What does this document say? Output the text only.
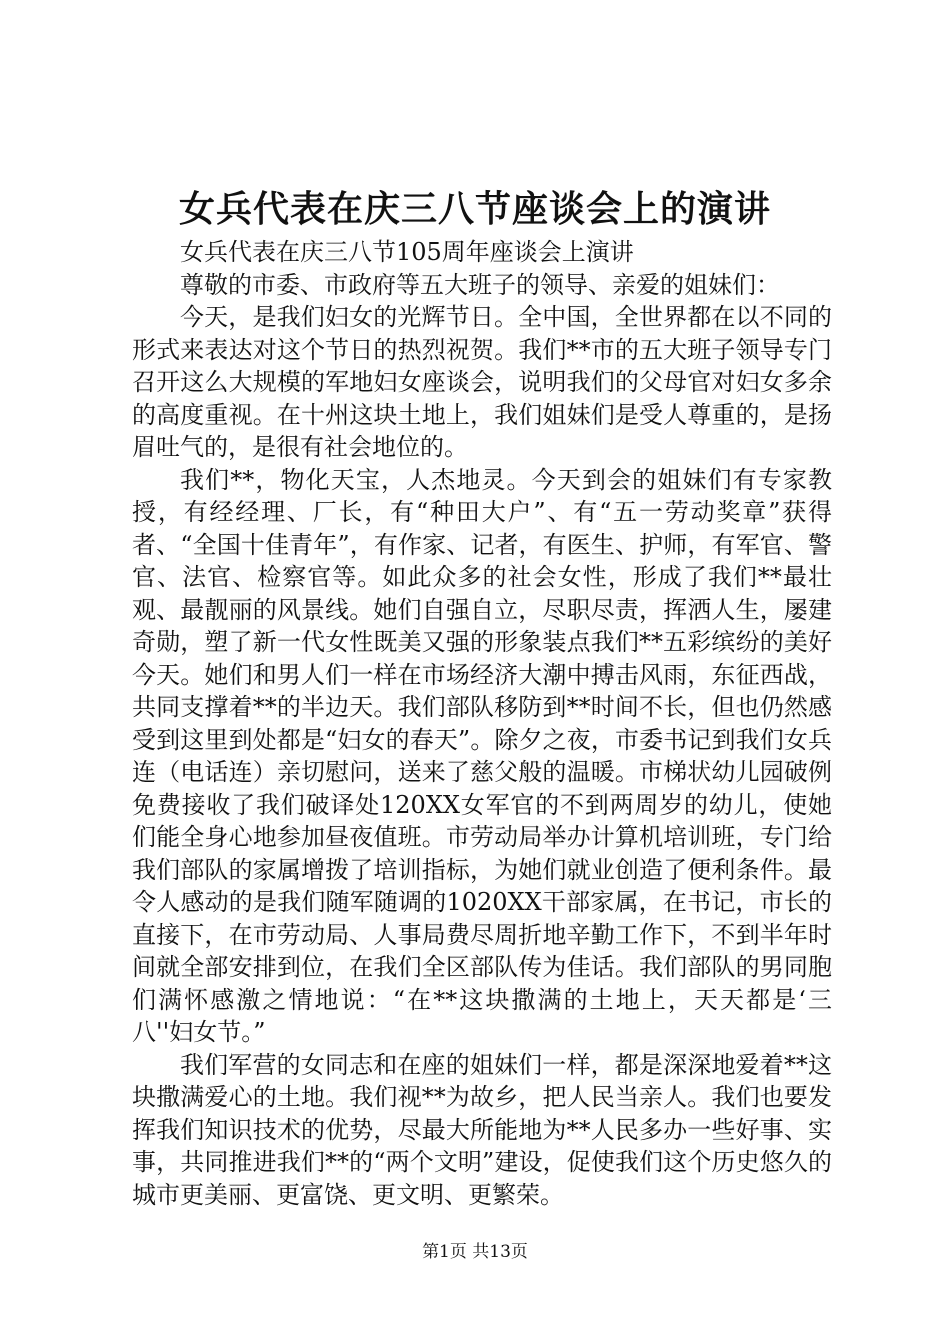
女兵代表在庆三八节座谈会上的演讲

女兵代表在庆三八节105周年座谈会上演讲

尊敬的市委、市政府等五大班子的领导、亲爱的姐妹们：

今天，是我们妇女的光辉节日。全中国，全世界都在以不同的形式来表达对这个节日的热烈祝贺。我们**市的五大班子领导专门召开这么大规模的军地妇女座谈会，说明我们的父母官对妇女多余的高度重视。在十州这块土地上，我们姐妹们是受人尊重的，是扬眉吐气的，是很有社会地位的。

我们**，物化天宝，人杰地灵。今天到会的姐妹们有专家教授，有经经理、厂长，有“种田大户”、有“五一劳动奖章”获得者、“全国十佳青年”，有作家、记者，有医生、护师，有军官、警官、法官、检察官等。如此众多的社会女性，形成了我们**最壮观、最靓丽的风景线。她们自强自立，尽职尽责，挥洒人生，屡建奇勋，塑了新一代女性既美又强的形象装点我们**五彩缤纷的美好今天。她们和男人们一样在市场经济大潮中搏击风雨，东征西战，共同支撑着**的半边天。我们部队移防到**时间不长，但也仍然感受到这里到处都是“妇女的春天”。除夕之夜，市委书记到我们女兵连（电话连）亲切慰问，送来了慈父般的温暖。市梯状幼儿园破例免费接收了我们破译处120XX女军官的不到两周岁的幼儿，使她们能全身心地参加昼夜值班。市劳动局举办计算机培训班，专门给我们部队的家属增拨了培训指标，为她们就业创造了便利条件。最令人感动的是我们随军随调的1020XX干部家属，在书记，市长的直接下，在市劳动局、人事局费尽周折地辛勤工作下，不到半年时间就全部安排到位，在我们全区部队传为佳话。我们部队的男同胞们满怀感激之情地说：“在**这块撒满的土地上，天天都是‘三八''妇女节。”

我们军营的女同志和在座的姐妹们一样，都是深深地爱着**这块撒满爱心的土地。我们视**为故乡，把人民当亲人。我们也要发挥我们知识技术的优势，尽最大所能地为**人民多办一些好事、实事，共同推进我们**的“两个文明”建设，促使我们这个历史悠久的城市更美丽、更富饶、更文明、更繁荣。

第1页 共13页
